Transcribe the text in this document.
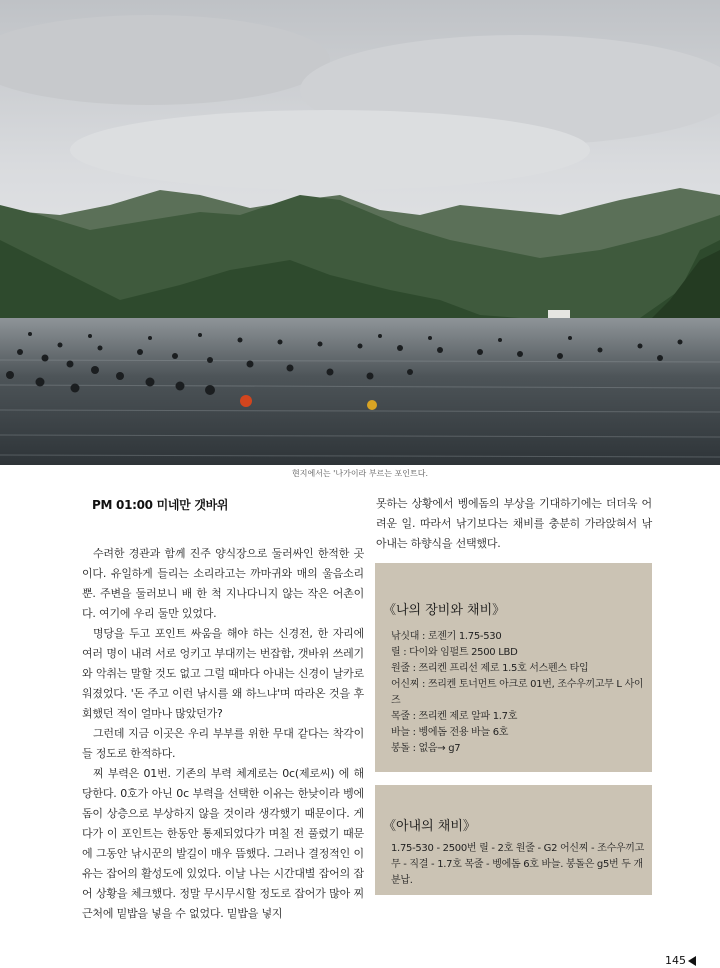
현지에서는 '나가이라 부르는 포인트다.
PM 01:00 미네만 갯바위

수려한 경관과 함께 진주 양식장으로 둘러싸인 한적한 곳이다. 유일하게 들리는 소리라고는 까마귀와 매의 울음소리뿐. 주변을 둘러보니 배 한 척 지나다니지 않는 작은 어촌이다. 여기에 우리 둘만 있었다.

명당을 두고 포인트 싸움을 해야 하는 신경전, 한 자리에 여러 명이 내려 서로 엉키고 부대끼는 번잡함, 갯바위 쓰레기와 악취는 말할 것도 없고 그럴 때마다 아내는 신경이 날카로워졌었다. '돈 주고 이런 낚시를 왜 하느냐'며 따라온 것을 후회했던 적이 얼마나 많았던가?

그런데 지금 이곳은 우리 부부를 위한 무대 같다는 착각이 들 정도로 한적하다.

찌 부력은 01번. 기존의 부력 체계로는 0c(제로씨) 에 해당한다. 0호가 아닌 0c 부력을 선택한 이유는 한낮이라 벵에돔이 상층으로 부상하지 않을 것이라 생각했기 때문이다. 게다가 이 포인트는 한동안 통제되었다가 며칠 전 풀렸기 때문에 그동안 낚시꾼의 발길이 매우 뜸했다. 그러나 결정적인 이유는 잡어의 활성도에 있었다. 이날 나는 시간대별 잡어의 잡어 상황을 체크했다. 정말 무시무시할 정도로 잡어가 많아 찌 근처에 밑밥을 넣을 수 없었다. 밑밥을 넣지

못하는 상황에서 벵에돔의 부상을 기대하기에는 더더욱 어려운 일. 따라서 낚기보다는 채비를 충분히 가라앉혀서 낚아내는 하향식을 선택했다.

《나의 장비와 채비》
낚싯대 : 로젠기 1.75-530
릴 : 다이와 임펄트 2500 LBD
원줄 : 쯔리켄 프리선 제로 1.5호 서스펜스 타입
어신찌 : 쯔리켄 토너먼트 아크로 01번, 조수우끼고무 L 사이즈
목줄 : 쯔리켄 제로 알파 1.7호
바늘 : 벵에돔 전용 바늘 6호
봉돌 : 없음→ g7
《아내의 채비》
1.75-530 - 2500번 릴 - 2호 원줄 - G2 어신찌 - 조수우끼고무 - 직결 - 1.7호 목줄 - 벵에돔 6호 바늘. 봉돌은 g5번 두 개 분납.
145
